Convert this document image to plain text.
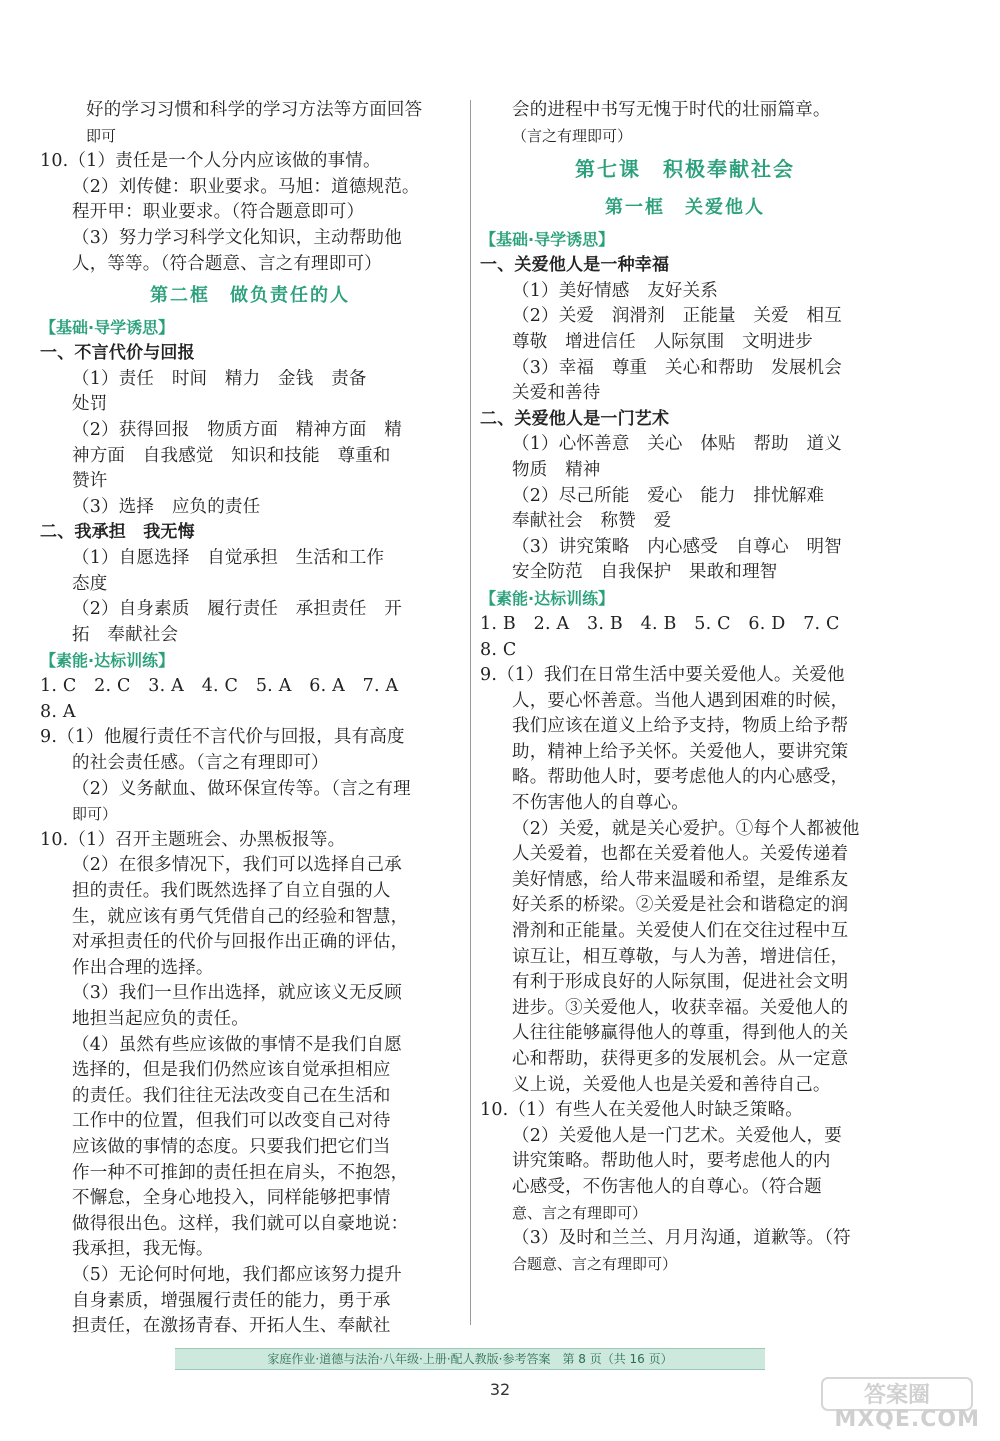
好的学习习惯和科学的学习方法等方面回答
即可
10.（1）责任是一个人分内应该做的事情。
（2）刘传健：职业要求。马旭：道德规范。
程开甲：职业要求。（符合题意即可）
（3）努力学习科学文化知识，主动帮助他
人，等等。（符合题意、言之有理即可）
第二框　做负责任的人
【基础·导学诱思】
一、不言代价与回报
（1）责任　时间　精力　金钱　责备
处罚
（2）获得回报　物质方面　精神方面　精
神方面　自我感觉　知识和技能　尊重和
赞许
（3）选择　应负的责任
二、我承担　我无悔
（1）自愿选择　自觉承担　生活和工作
态度
（2）自身素质　履行责任　承担责任　开
拓　奉献社会
【素能·达标训练】
1. C　2. C　3. A　4. C　5. A　6. A　7. A
8. A
9.（1）他履行责任不言代价与回报，具有高度
的社会责任感。（言之有理即可）
（2）义务献血、做环保宣传等。（言之有理
即可）
10.（1）召开主题班会、办黑板报等。
（2）在很多情况下，我们可以选择自己承
担的责任。我们既然选择了自立自强的人
生，就应该有勇气凭借自己的经验和智慧，
对承担责任的代价与回报作出正确的评估，
作出合理的选择。
（3）我们一旦作出选择，就应该义无反顾
地担当起应负的责任。
（4）虽然有些应该做的事情不是我们自愿
选择的，但是我们仍然应该自觉承担相应
的责任。我们往往无法改变自己在生活和
工作中的位置，但我们可以改变自己对待
应该做的事情的态度。只要我们把它们当
作一种不可推卸的责任担在肩头，不抱怨，
不懈怠，全身心地投入，同样能够把事情
做得很出色。这样，我们就可以自豪地说：
我承担，我无悔。
（5）无论何时何地，我们都应该努力提升
自身素质，增强履行责任的能力，勇于承
担责任，在激扬青春、开拓人生、奉献社
会的进程中书写无愧于时代的壮丽篇章。
（言之有理即可）
第七课　积极奉献社会
第一框　关爱他人
【基础·导学诱思】
一、关爱他人是一种幸福
（1）美好情感　友好关系
（2）关爱　润滑剂　正能量　关爱　相互
尊敬　增进信任　人际氛围　文明进步
（3）幸福　尊重　关心和帮助　发展机会
关爱和善待
二、关爱他人是一门艺术
（1）心怀善意　关心　体贴　帮助　道义
物质　精神
（2）尽己所能　爱心　能力　排忧解难
奉献社会　称赞　爱
（3）讲究策略　内心感受　自尊心　明智
安全防范　自我保护　果敢和理智
【素能·达标训练】
1. B　2. A　3. B　4. B　5. C　6. D　7. C
8. C
9.（1）我们在日常生活中要关爱他人。关爱他
人，要心怀善意。当他人遇到困难的时候，
我们应该在道义上给予支持，物质上给予帮
助，精神上给予关怀。关爱他人，要讲究策
略。帮助他人时，要考虑他人的内心感受，
不伤害他人的自尊心。
（2）关爱，就是关心爱护。①每个人都被他
人关爱着，也都在关爱着他人。关爱传递着
美好情感，给人带来温暖和希望，是维系友
好关系的桥梁。②关爱是社会和谐稳定的润
滑剂和正能量。关爱使人们在交往过程中互
谅互让，相互尊敬，与人为善，增进信任，
有利于形成良好的人际氛围，促进社会文明
进步。③关爱他人，收获幸福。关爱他人的
人往往能够赢得他人的尊重，得到他人的关
心和帮助，获得更多的发展机会。从一定意
义上说，关爱他人也是关爱和善待自己。
10.（1）有些人在关爱他人时缺乏策略。
（2）关爱他人是一门艺术。关爱他人，要
讲究策略。帮助他人时，要考虑他人的内
心感受，不伤害他人的自尊心。（符合题
意、言之有理即可）
（3）及时和兰兰、月月沟通，道歉等。（符
合题意、言之有理即可）
家庭作业·道德与法治·八年级·上册·配人教版·参考答案　第 8 页（共 16 页）
32	答案圈
MXQE.COM
